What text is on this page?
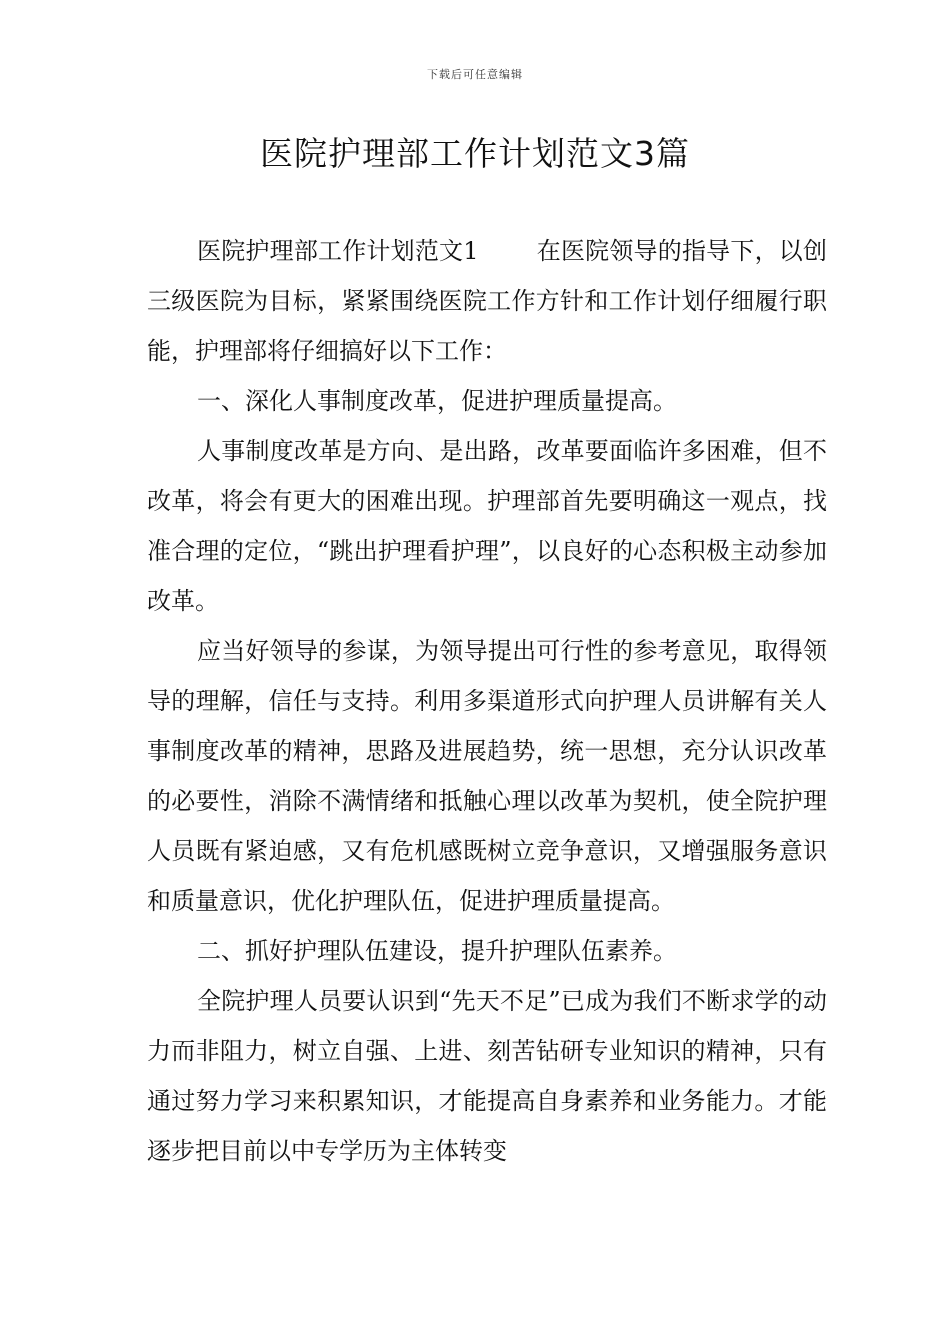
下载后可任意编辑
医院护理部工作计划范文3篇

医院护理部工作计划范文1 在医院领导的指导下，以创三级医院为目标，紧紧围绕医院工作方针和工作计划仔细履行职能，护理部将仔细搞好以下工作：

一、深化人事制度改革，促进护理质量提高。

人事制度改革是方向、是出路，改革要面临许多困难，但不改革，将会有更大的困难出现。护理部首先要明确这一观点，找准合理的定位，“跳出护理看护理”，以良好的心态积极主动参加改革。

应当好领导的参谋，为领导提出可行性的参考意见，取得领导的理解，信任与支持。利用多渠道形式向护理人员讲解有关人事制度改革的精神，思路及进展趋势，统一思想，充分认识改革的必要性，消除不满情绪和抵触心理以改革为契机，使全院护理人员既有紧迫感，又有危机感既树立竞争意识，又增强服务意识和质量意识，优化护理队伍，促进护理质量提高。

二、抓好护理队伍建设，提升护理队伍素养。

全院护理人员要认识到“先天不足”已成为我们不断求学的动力而非阻力，树立自强、上进、刻苦钻研专业知识的精神，只有通过努力学习来积累知识，才能提高自身素养和业务能力。才能逐步把目前以中专学历为主体转变
